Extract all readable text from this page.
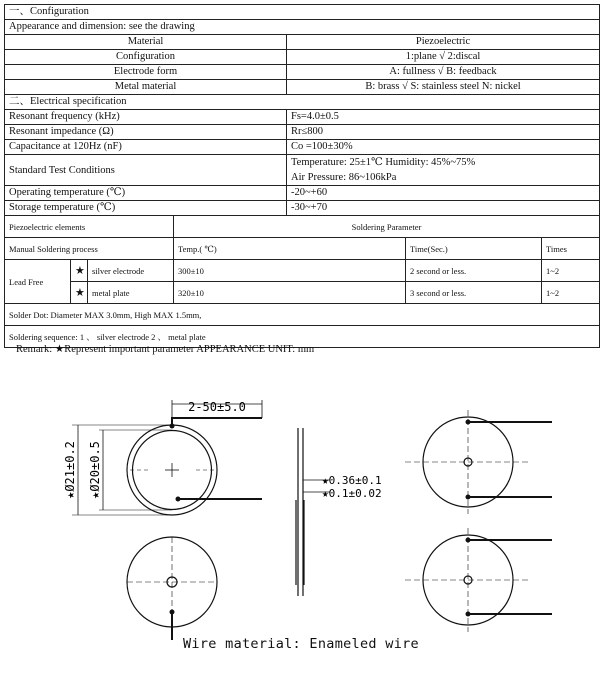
一、Configuration						
Appearance and dimension: see the drawing						
Material				Piezoelectric		
Configuration				1:plane √ 2:discal		
Electrode form				A: fullness √ B: feedback		
Metal material				B: brass √ S: stainless steel N: nickel		
二、Electrical specification						
Resonant frequency (kHz)				Fs=4.0±0.5		
Resonant impedance (Ω)				Rr≤800		
Capacitance at 120Hz (nF)				Co =100±30%		
Standard Test Conditions				Temperature: 25±1℃ Humidity: 45%~75%
Air Pressure: 86~106kPa		
Operating temperature (℃)				-20~+60		
Storage temperature (℃)				-30~+70		
Piezoelectric elements			Soldering Parameter			
Manual Soldering process			Temp.( ℃)		Time(Sec.)	Times
Lead Free	★	silver electrode	300±10		2 second or less.	1~2
	★	metal plate	320±10		3 second or less.	1~2
Solder Dot: Diameter MAX 3.0mm, High MAX 1.5mm,						
Soldering sequence: 1 、 silver electrode 2 、 metal plate						
Remark: ★Represent important parameter APPEARANCE UNIT: mm
2-50±5.0
★Ø21±0.2 ★Ø20±0.5	★0.36±0.1
★0.1±0.02
Wire material: Enameled wire
